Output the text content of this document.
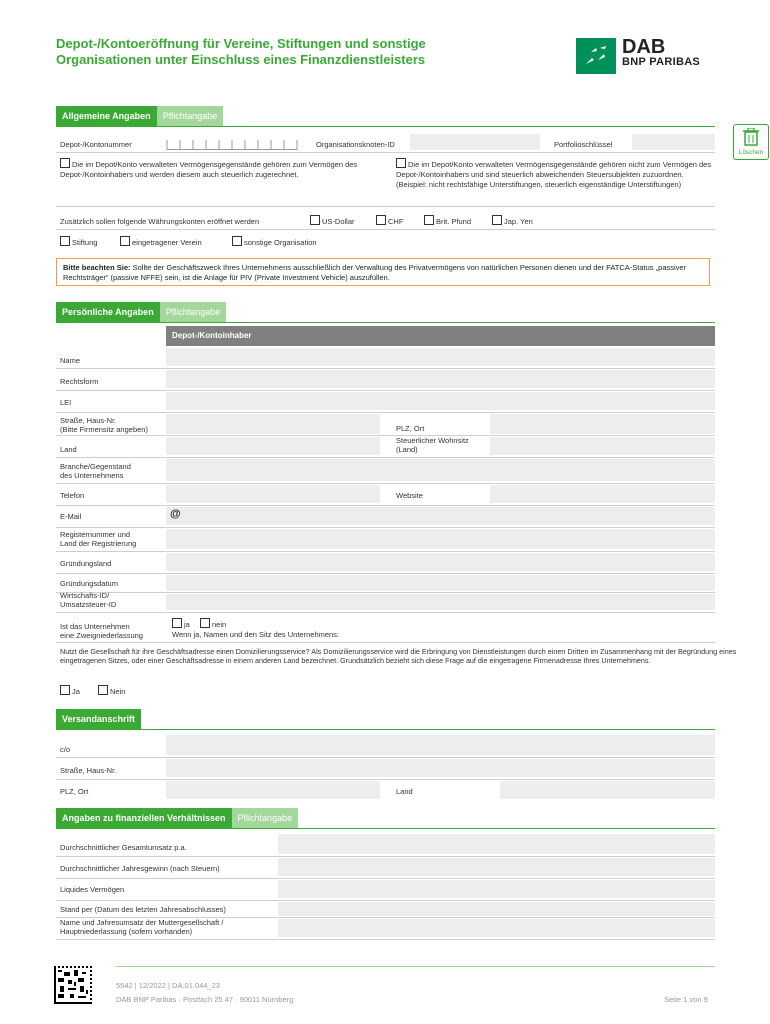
Depot-/Kontoeröffnung für Vereine, Stiftungen und sonstige
Organisationen unter Einschluss eines Finanzdienstleisters
DAB
BNP PARIBAS
Löschen
Allgemeine Angaben	Pflichtangabe
Depot-/Kontonummer	Organisationsknoten-ID	Portfolioschlüssel
Die im Depot/Konto verwalteten Vermögensgegenstände gehören zum Vermögen des Depot-/Kontoinhabers und werden diesem auch steuerlich zugerechnet.
Die im Depot/Konto verwalteten Vermögensgegenstände gehören nicht zum Vermögen des Depot-/Kontoinhabers und sind steuerlich abweichenden Steuersubjekten zuzuordnen. (Beispiel: nicht rechtsfähige Unterstiftungen, steuerlich eigenständige Unterstiftungen)
Zusätzlich sollen folgende Währungskonten eröffnet werden	US-Dollar	CHF	Brit. Pfund	Jap. Yen
Stiftung	eingetragener Verein	sonstige Organisation
Bitte beachten Sie: Sollte der Geschäftszweck Ihres Unternehmens ausschließlich der Verwaltung des Privatvermögens von natürlichen Personen dienen und der FATCA-Status „passiver Rechtsträger“ (passive NFFE) sein, ist die Anlage für PIV (Private Investment Vehicle) auszufüllen.
Persönliche Angaben	Pflichtangabe
Depot-/Kontoinhaber
Name
Rechtsform
LEI
Straße, Haus-Nr.
(Bitte Firmensitz angeben)	PLZ, Ort
Land
Steuerlicher Wohnsitz
(Land)
Branche/Gegenstand
des Unternehmens
Telefon	Website
E-Mail	@
Registernummer und
Land der Registrierung
Gründungsland
Gründungsdatum
Wirtschafts-ID/
Umsatzsteuer-ID
Ist das Unternehmen
eine Zweigniederlassung
ja	nein
Wenn ja, Namen und den Sitz des Unternehmens:
Nutzt die Gesellschaft für ihre Geschäftsadresse einen Domizilierungsservice? Als Domizilierungsservice wird die Erbringung von Dienstleistungen durch einen Dritten im Zusammenhang mit der Begründung eines eingetragenen Sitzes, oder einer Geschäftsadresse in einem anderen Land bezeichnet. Grundsätzlich bezieht sich diese Frage auf die eingetragene Firmenadresse Ihres Unternehmens.
Ja	Nein
Versandanschrift
c/o
Straße, Haus-Nr.
PLZ, Ort	Land
Angaben zu finanziellen Verhältnissen	Pflichtangabe
Durchschnittlicher Gesamtumsatz p.a.
Durchschnittlicher Jahresgewinn (nach Steuern)
Liquides Vermögen
Stand per (Datum des letzten Jahresabschlusses)
Name und Jahresumsatz der Muttergesellschaft /
Hauptniederlassung (sofern vorhanden)
5542 | 12/2022 | DA.01.044_23
DAB BNP Paribas · Postfach 25 47 · 90011 Nürnberg	Seite 1 von 9
